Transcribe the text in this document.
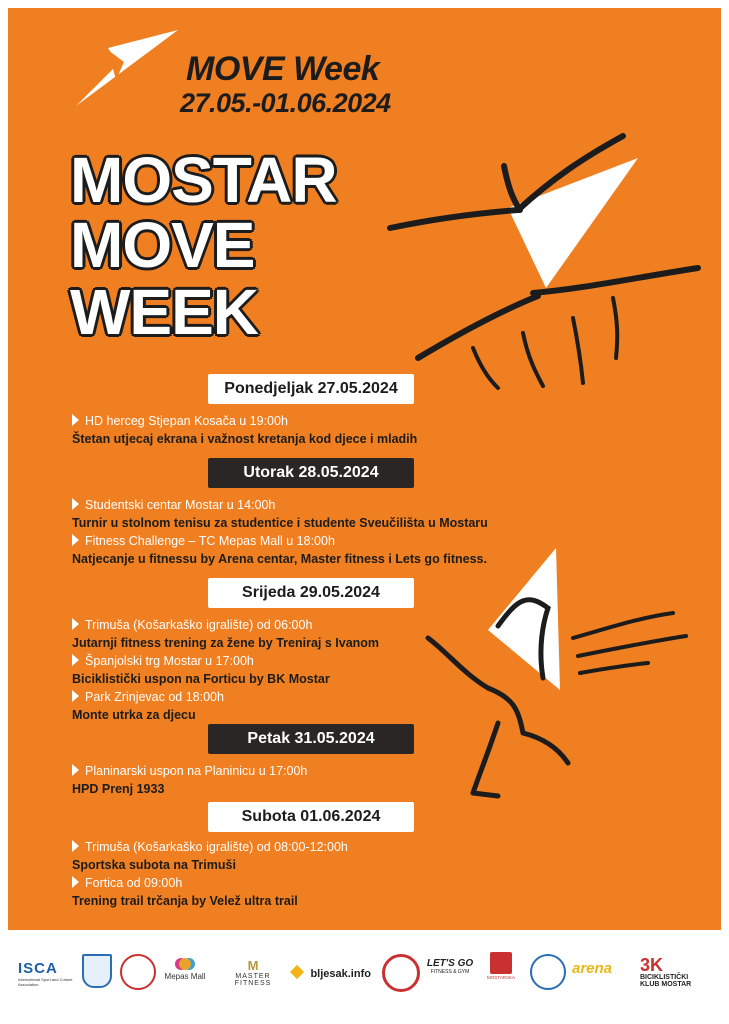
MOVE Week
27.05.-01.06.2024
MOSTAR
MOVE
WEEK
Ponedjeljak 27.05.2024
HD herceg Stjepan Kosača u 19:00h
Štetan utjecaj ekrana i važnost kretanja kod djece i mladih
Utorak 28.05.2024
Studentski centar Mostar u 14:00h
Turnir u stolnom tenisu za studentice i studente Sveučilišta u Mostaru
Fitness Challenge – TC Mepas Mall u 18:00h
Natjecanje u fitnessu by Arena centar, Master fitness i Lets go fitness.
Srijeda 29.05.2024
Trimuša (Košarkaško igralište) od 06:00h
Jutarnji fitness trening za žene by Treniraj s Ivanom
Španjolski trg Mostar u 17:00h
Biciklistički uspon na Forticu by BK Mostar
Park Zrinjevac od 18:00h
Monte utrka za djecu
Petak 31.05.2024
Planinarski uspon na Planinicu u 17:00h
HPD Prenj 1933
Subota 01.06.2024
Trimuša (Košarkaško igralište) od 08:00-12:00h
Sportska subota na Trimuši
Fortica od 09:00h
Trening trail trčanja by Velež ultra trail
ISCA
International Sport and Culture Association
Mepas Mall
M
MASTER FITNESS
bljesak.info
LET'S GO
FITNESS & GYM
MOSTARSKA
arena 3K
BICIKLISTIČKI
KLUB MOSTAR
